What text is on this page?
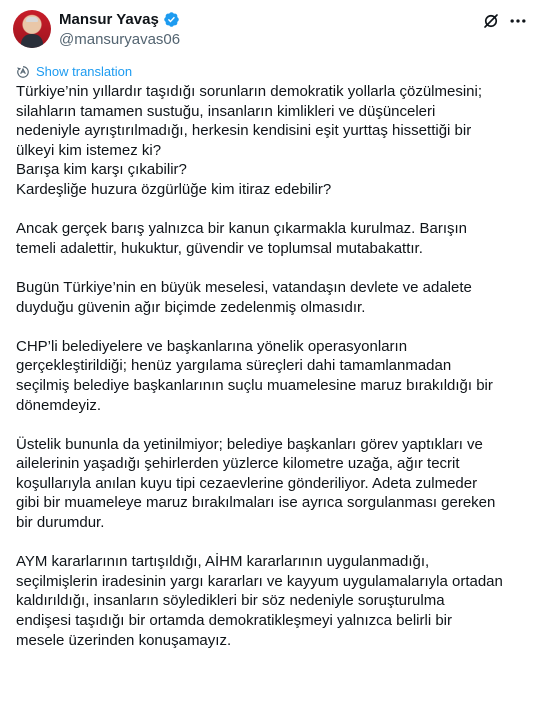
Mansur Yavaş
@mansuryavas06
Show translation
Türkiye’nin yıllardır taşıdığı sorunların demokratik yollarla çözülmesini;
silahların tamamen sustuğu, insanların kimlikleri ve düşünceleri
nedeniyle ayrıştırılmadığı, herkesin kendisini eşit yurttaş hissettiği bir
ülkeyi kim istemez ki?
Barışa kim karşı çıkabilir?
Kardeşliğe huzura özgürlüğe kim itiraz edebilir?
Ancak gerçek barış yalnızca bir kanun çıkarmakla kurulmaz. Barışın
temeli adalettir, hukuktur, güvendir ve toplumsal mutabakattır.
Bugün Türkiye’nin en büyük meselesi, vatandaşın devlete ve adalete
duyduğu güvenin ağır biçimde zedelenmiş olmasıdır.
CHP’li belediyelere ve başkanlarına yönelik operasyonların
gerçekleştirildiği; henüz yargılama süreçleri dahi tamamlanmadan
seçilmiş belediye başkanlarının suçlu muamelesine maruz bırakıldığı bir
dönemdeyiz.
Üstelik bununla da yetinilmiyor; belediye başkanları görev yaptıkları ve
ailelerinin yaşadığı şehirlerden yüzlerce kilometre uzağa, ağır tecrit
koşullarıyla anılan kuyu tipi cezaevlerine gönderiliyor. Adeta zulmeder
gibi bir muameleye maruz bırakılmaları ise ayrıca sorgulanması gereken
bir durumdur.
AYM kararlarının tartışıldığı, AİHM kararlarının uygulanmadığı,
seçilmişlerin iradesinin yargı kararları ve kayyum uygulamalarıyla ortadan
kaldırıldığı, insanların söyledikleri bir söz nedeniyle soruşturulma
endişesi taşıdığı bir ortamda demokratikleşmeyi yalnızca belirli bir
mesele üzerinden konuşamayız.
